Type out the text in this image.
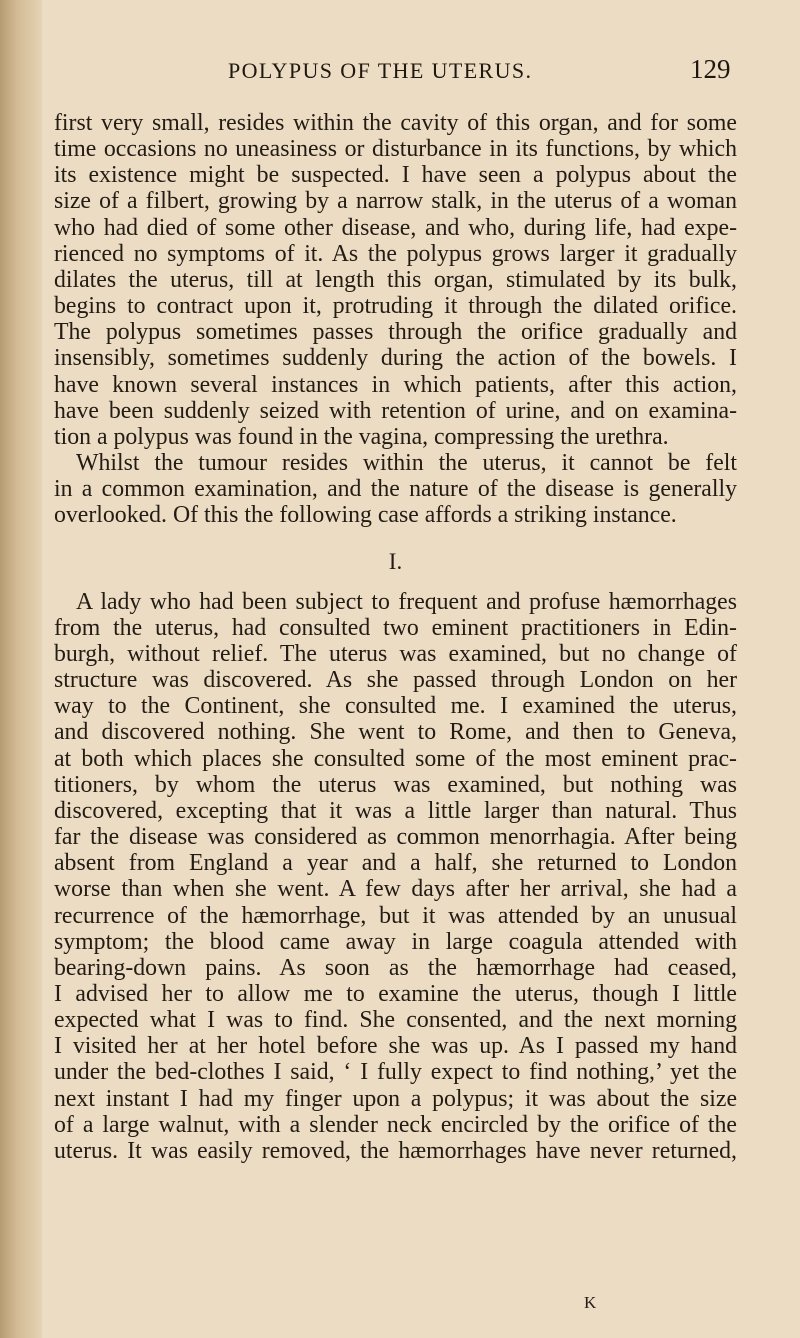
POLYPUS OF THE UTERUS.	129
first very small, resides within the cavity of this organ, and for some
time occasions no uneasiness or disturbance in its functions, by which
its existence might be suspected. I have seen a polypus about the
size of a filbert, growing by a narrow stalk, in the uterus of a woman
who had died of some other disease, and who, during life, had expe-
rienced no symptoms of it. As the polypus grows larger it gradually
dilates the uterus, till at length this organ, stimulated by its bulk,
begins to contract upon it, protruding it through the dilated orifice.
The polypus sometimes passes through the orifice gradually and
insensibly, sometimes suddenly during the action of the bowels. I
have known several instances in which patients, after this action,
have been suddenly seized with retention of urine, and on examina-
tion a polypus was found in the vagina, compressing the urethra.
Whilst the tumour resides within the uterus, it cannot be felt
in a common examination, and the nature of the disease is generally
overlooked. Of this the following case affords a striking instance.
I.
A lady who had been subject to frequent and profuse hæmorrhages
from the uterus, had consulted two eminent practitioners in Edin-
burgh, without relief. The uterus was examined, but no change of
structure was discovered. As she passed through London on her
way to the Continent, she consulted me. I examined the uterus,
and discovered nothing. She went to Rome, and then to Geneva,
at both which places she consulted some of the most eminent prac-
titioners, by whom the uterus was examined, but nothing was
discovered, excepting that it was a little larger than natural. Thus
far the disease was considered as common menorrhagia. After being
absent from England a year and a half, she returned to London
worse than when she went. A few days after her arrival, she had a
recurrence of the hæmorrhage, but it was attended by an unusual
symptom; the blood came away in large coagula attended with
bearing-down pains. As soon as the hæmorrhage had ceased,
I advised her to allow me to examine the uterus, though I little
expected what I was to find. She consented, and the next morning
I visited her at her hotel before she was up. As I passed my hand
under the bed-clothes I said, ‘ I fully expect to find nothing,’ yet the
next instant I had my finger upon a polypus; it was about the size
of a large walnut, with a slender neck encircled by the orifice of the
uterus. It was easily removed, the hæmorrhages have never returned,
K
